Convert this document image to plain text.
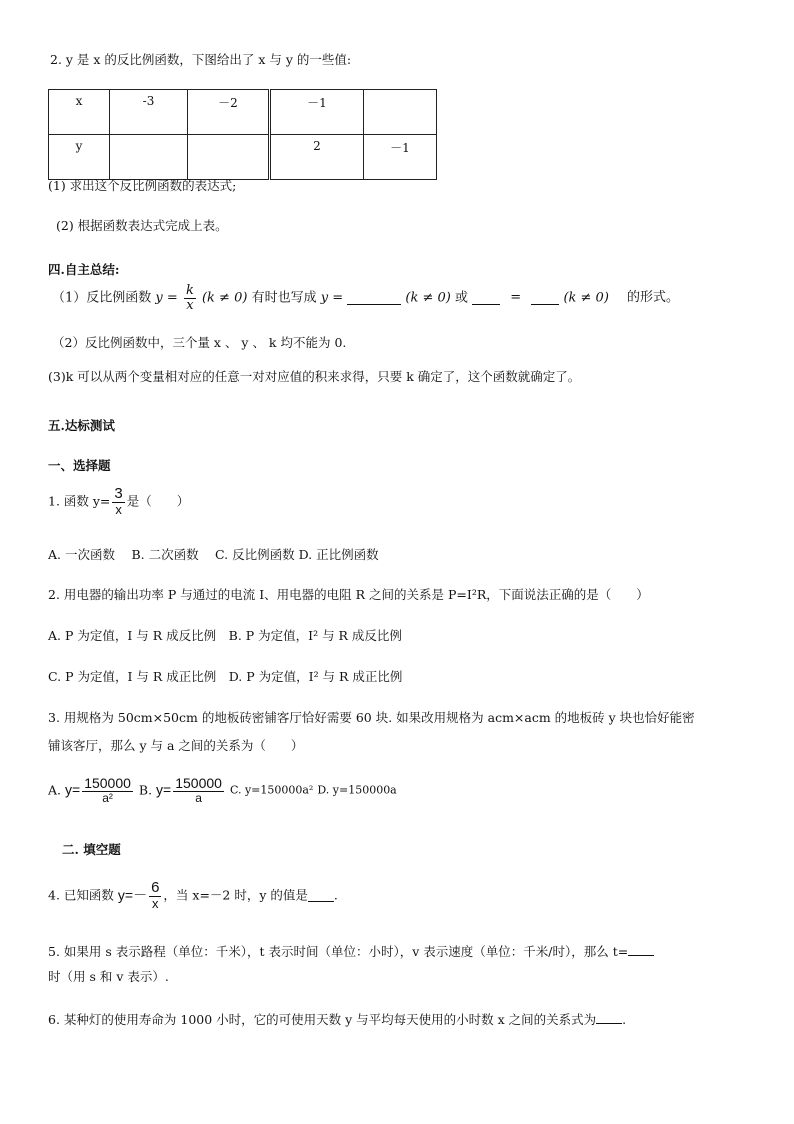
2. y 是 x 的反比例函数，下图给出了 x 与 y 的一些值:
x	-3	－2	－1	
y			2	－1
(1) 求出这个反比例函数的表达式;
(2) 根据函数表达式完成上表。
四.自主总结:
（1）反比例函数 $y = \frac{k}{x} (k \ne 0)$ 有时也写成 y =	(k ≠ 0) 或	=	(k ≠ 0) 的形式。
（2）反比例函数中，三个量 x 、 y 、 k 均不能为 0.
(3)k 可以从两个变量相对应的任意一对对应值的积来求得，只要 k 确定了，这个函数就确定了。
五.达标测试
一、选择题
1. 函数 $y= \frac{3}{x}$ 是（　　）
A. 一次函数　 B. 二次函数　 C. 反比例函数 D. 正比例函数
2. 用电器的输出功率 P 与通过的电流 I、用电器的电阻 R 之间的关系是 P=I²R，下面说法正确的是（　　）
A. P 为定值，I 与 R 成反比例　B. P 为定值，I² 与 R 成反比例
C. P 为定值，I 与 R 成正比例　D. P 为定值，I² 与 R 成正比例
3. 用规格为 50cm×50cm 的地板砖密铺客厅恰好需要 60 块. 如果改用规格为 acm×acm 的地板砖 y 块也恰好能密
铺该客厅，那么 y 与 a 之间的关系为（　　）
A. $y= \frac{150000}{\text{a²}} B$. $y= \frac{150000}{a} C$. y=150000a² D. y=150000a
二. 填空题
4. 已知函数 $y=- \frac{6}{x}$ ，当 x=－2 时，y 的值是 .
5. 如果用 s 表示路程（单位：千米），t 表示时间（单位：小时），v 表示速度（单位：千米/时），那么 t=
时（用 s 和 v 表示）.
6. 某种灯的使用寿命为 1000 小时，它的可使用天数 y 与平均每天使用的小时数 x 之间的关系式为 .
